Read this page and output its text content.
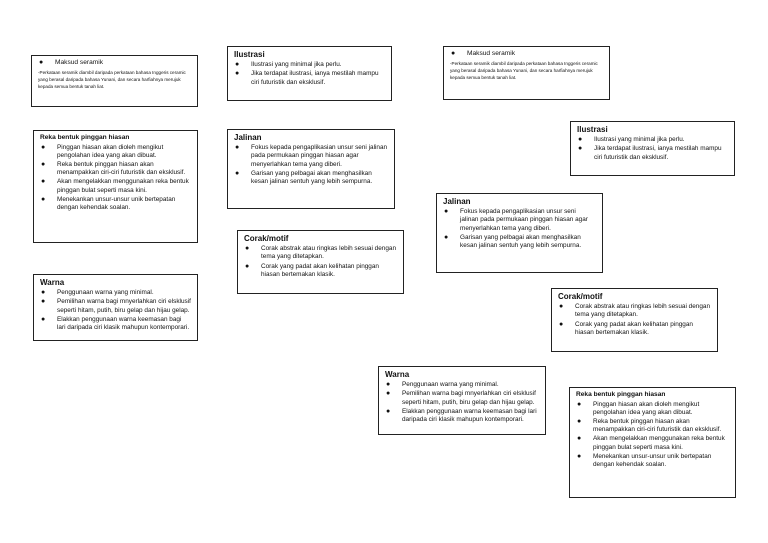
● Maksud seramik
-Perkataan seramik diambil daripada perkataan bahasa Inggeris ceramic yang berasal daripada bahasa Yunani, dan secara harfiahnya merujuk kepada semua bentuk tanah liat.
Ilustrasi
● Ilustrasi yang minimal jika perlu.
● Jika terdapat ilustrasi, ianya mestilah mampu ciri futuristik dan eksklusif.
Reka bentuk pinggan hiasan
● Pinggan hiasan akan dioleh mengikut pengolahan idea yang akan dibuat.
● Reka bentuk pinggan hiasan akan menampakkan ciri-ciri futuristik dan eksklusif.
● Akan mengelakkan menggunakan reka bentuk pinggan bulat seperti masa kini.
● Menekankan unsur-unsur unik bertepatan dengan kehendak soalan.
Jalinan
● Fokus kepada pengaplikasian unsur seni jalinan pada permukaan pinggan hiasan agar menyerlahkan tema yang diberi.
● Garisan yang pelbagai akan menghasilkan kesan jalinan sentuh yang lebih sempurna.
Corak/motif
● Corak abstrak atau ringkas lebih sesuai dengan tema yang ditetapkan.
● Corak yang padat akan kelihatan pinggan hiasan bertemakan klasik.
Warna
● Penggunaan warna yang minimal.
● Pemilihan warna bagi mnyerlahkan ciri elsklusif seperti hitam, putih, biru gelap dan hijau gelap.
● Elakkan penggunaan warna keemasan bagi lari daripada ciri klasik mahupun kontemporari.
● Maksud seramik
-Perkataan seramik diambil daripada perkataan bahasa Inggeris ceramic yang berasal daripada bahasa Yunani, dan secara harfiahnya merujuk kepada semua bentuk tanah liat.
Ilustrasi
● Ilustrasi yang minimal jika perlu.
● Jika terdapat ilustrasi, ianya mestilah mampu ciri futuristik dan eksklusif.
Jalinan
● Fokus kepada pengaplikasian unsur seni jalinan pada permukaan pinggan hiasan agar menyerlahkan tema yang diberi.
● Garisan yang pelbagai akan menghasilkan kesan jalinan sentuh yang lebih sempurna.
Corak/motif
● Corak abstrak atau ringkas lebih sesuai dengan tema yang ditetapkan.
● Corak yang padat akan kelihatan pinggan hiasan bertemakan klasik.
Warna
● Penggunaan warna yang minimal.
● Pemilihan warna bagi mnyerlahkan ciri elsklusif seperti hitam, putih, biru gelap dan hijau gelap.
● Elakkan penggunaan warna keemasan bagi lari daripada ciri klasik mahupun kontemporari.
Reka bentuk pinggan hiasan
● Pinggan hiasan akan dioleh mengikut pengolahan idea yang akan dibuat.
● Reka bentuk pinggan hiasan akan menampakkan ciri-ciri futuristik dan eksklusif.
● Akan mengelakkan menggunakan reka bentuk pinggan bulat seperti masa kini.
● Menekankan unsur-unsur unik bertepatan dengan kehendak soalan.
